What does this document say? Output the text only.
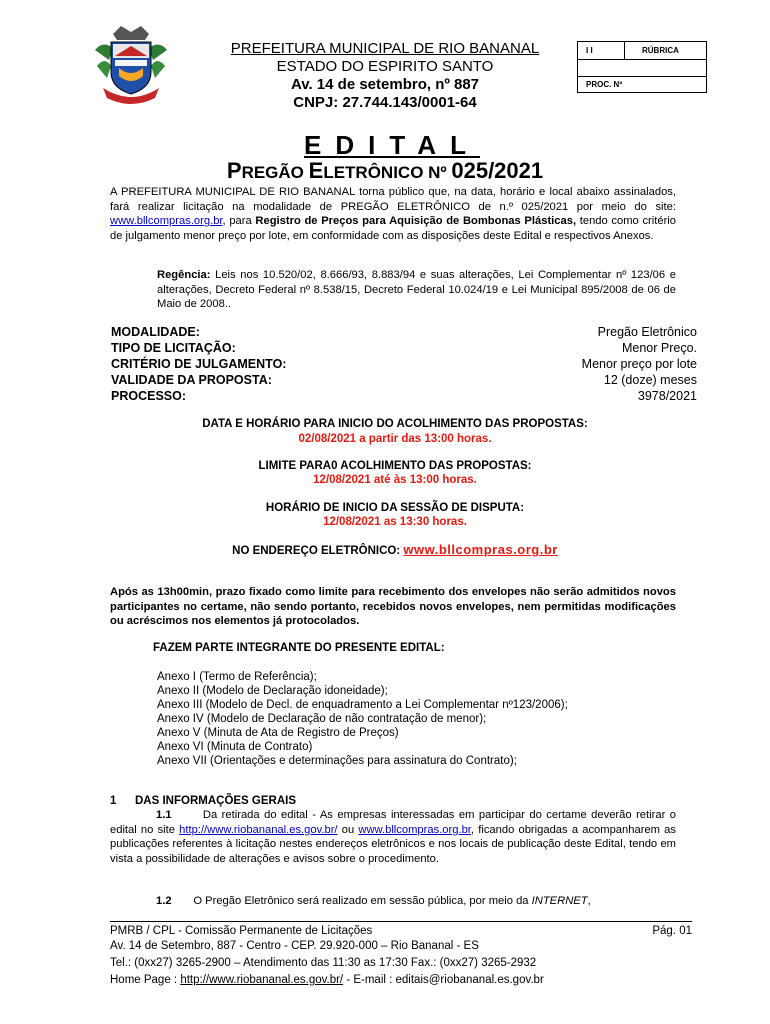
PREFEITURA MUNICIPAL DE RIO BANANAL
ESTADO DO ESPIRITO SANTO
Av. 14 de setembro, nº 887
CNPJ: 27.744.143/0001-64
I I	RÚBRICA
PROC. Nº
EDITAL
PREGÃO ELETRÔNICO Nº 025/2021
A PREFEITURA MUNICIPAL DE RIO BANANAL torna público que, na data, horário e local abaixo assinalados, fará realizar licitação na modalidade de PREGÃO ELETRÔNICO de n.º 025/2021 por meio do site: www.bllcompras.org.br, para Registro de Preços para Aquisição de Bombonas Plásticas, tendo como critério de julgamento menor preço por lote, em conformidade com as disposições deste Edital e respectivos Anexos.
Regência: Leis nos 10.520/02, 8.666/93, 8.883/94 e suas alterações, Lei Complementar nº 123/06 e alterações, Decreto Federal nº 8.538/15, Decreto Federal 10.024/19 e Lei Municipal 895/2008 de 06 de Maio de 2008..
MODALIDADE:	Pregão Eletrônico
TIPO DE LICITAÇÃO:	Menor Preço.
CRITÉRIO DE JULGAMENTO:	Menor preço por lote
VALIDADE DA PROPOSTA:	12 (doze) meses
PROCESSO:	3978/2021
DATA E HORÁRIO PARA INICIO DO ACOLHIMENTO DAS PROPOSTAS:
02/08/2021 a partir das 13:00 horas.
LIMITE PARA0 ACOLHIMENTO DAS PROPOSTAS:
12/08/2021 até às 13:00 horas.
HORÁRIO DE INICIO DA SESSÃO DE DISPUTA:
12/08/2021 as 13:30 horas.
NO ENDEREÇO ELETRÔNICO: www.bllcompras.org.br
Após as 13h00min, prazo fixado como limite para recebimento dos envelopes não serão admitidos novos participantes no certame, não sendo portanto, recebidos novos envelopes, nem permitidas modificações ou acréscimos nos elementos já protocolados.
FAZEM PARTE INTEGRANTE DO PRESENTE EDITAL:
Anexo I (Termo de Referência);
Anexo II (Modelo de Declaração idoneidade);
Anexo III (Modelo de Decl. de enquadramento a Lei Complementar nº123/2006);
Anexo IV (Modelo de Declaração de não contratação de menor);
Anexo V (Minuta de Ata de Registro de Preços)
Anexo VI (Minuta de Contrato)
Anexo VII (Orientações e determinações para assinatura do Contrato);
1 DAS INFORMAÇÕES GERAIS
1.1	Da retirada do edital - As empresas interessadas em participar do certame deverão retirar o edital no site http://www.riobananal.es.gov.br/ ou www.bllcompras.org.br, ficando obrigadas a acompanharem as publicações referentes à licitação nestes endereços eletrônicos e nos locais de publicação deste Edital, tendo em vista a possibilidade de alterações e avisos sobre o procedimento.
1.2 O Pregão Eletrônico será realizado em sessão pública, por meio da INTERNET,
PMRB / CPL - Comissão Permanente de Licitações	Pág. 01
Av. 14 de Setembro, 887 - Centro - CEP. 29.920-000 – Rio Bananal - ES
Tel.: (0xx27) 3265-2900 – Atendimento das 11:30 as 17:30 Fax.: (0xx27) 3265-2932
Home Page : http://www.riobananal.es.gov.br/ - E-mail : editais@riobananal.es.gov.br
